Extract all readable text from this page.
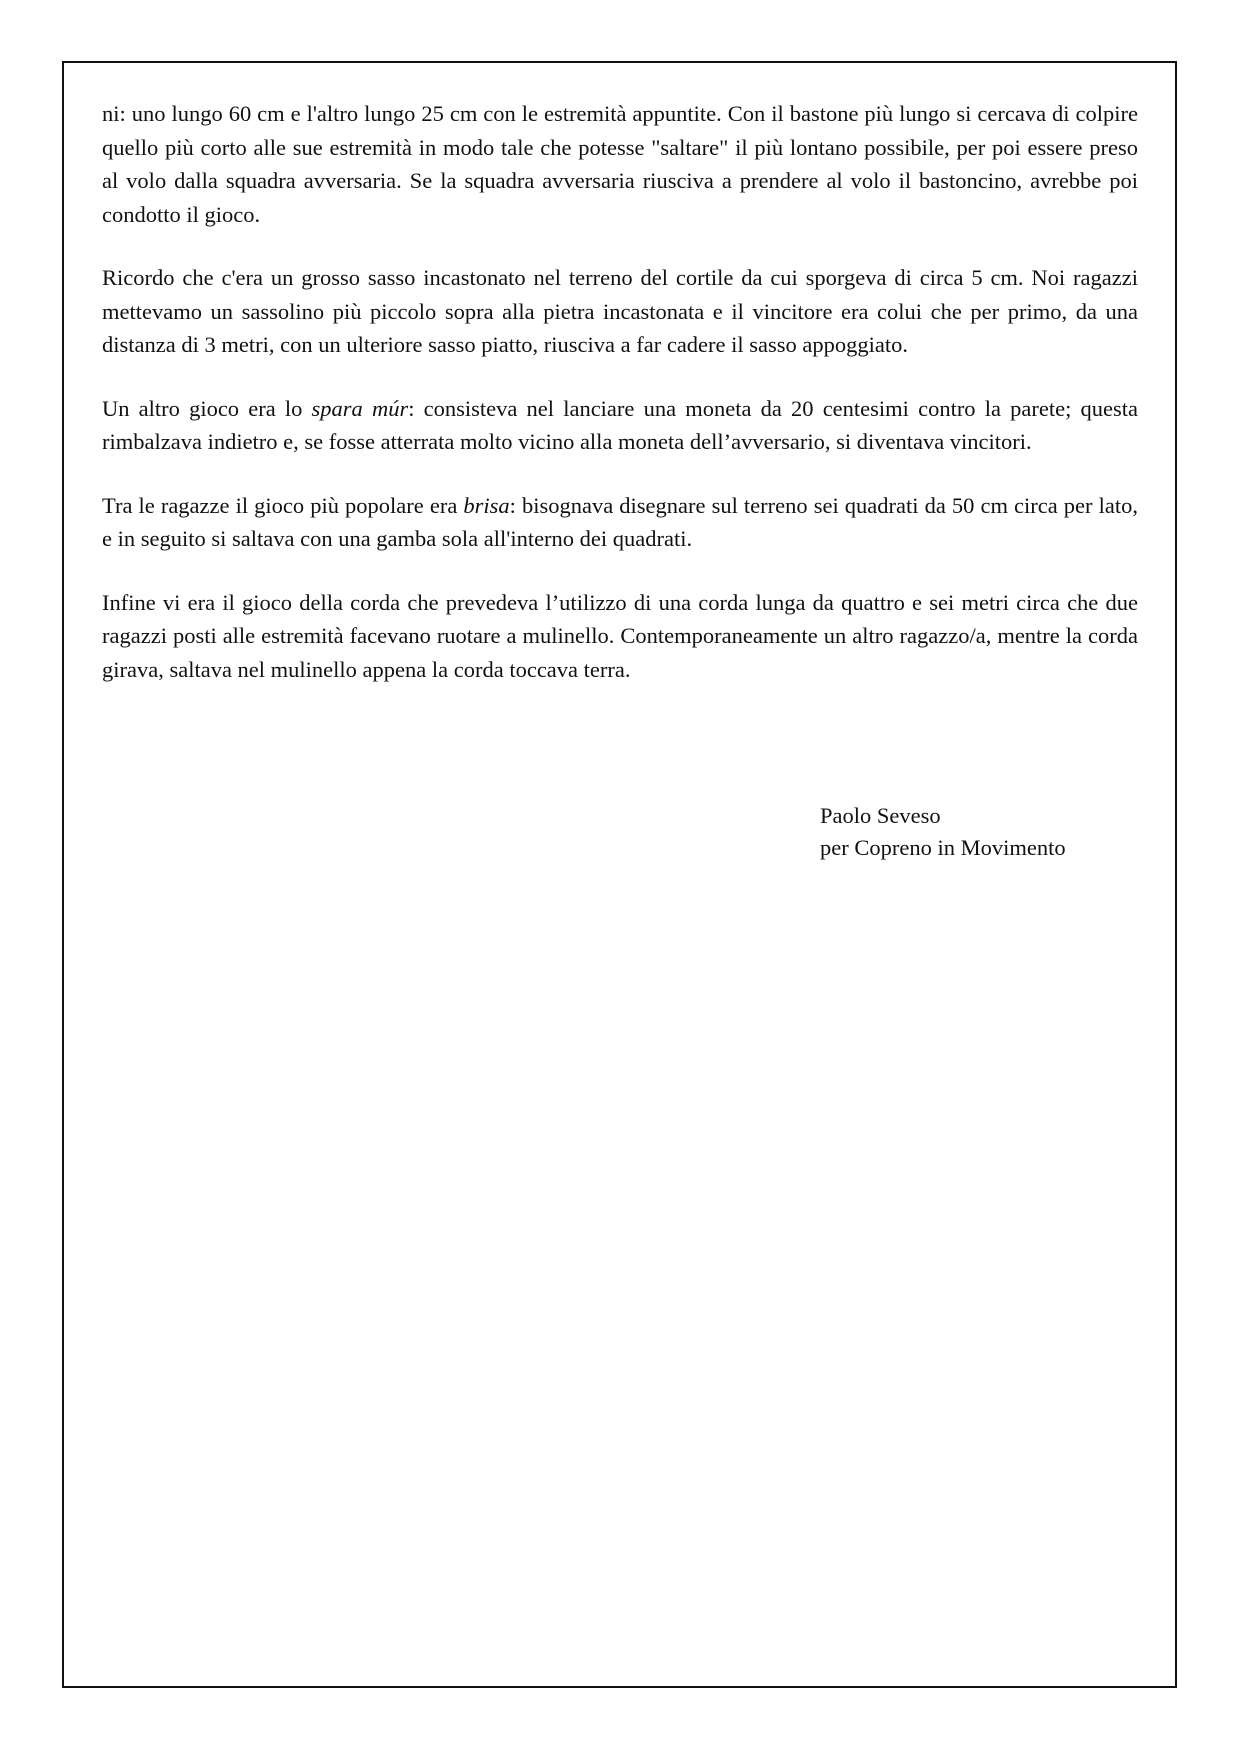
ni: uno lungo 60 cm e l'altro lungo 25 cm con le estremità appuntite. Con il bastone più lungo si cercava di colpire quello più corto alle sue estremità in modo tale che potesse "saltare" il più lontano possibile, per poi essere preso al volo dalla squadra avversaria. Se la squadra avversaria riusciva a prendere al volo il bastoncino, avrebbe poi condotto il gioco.

Ricordo che c'era un grosso sasso incastonato nel terreno del cortile da cui sporgeva di circa 5 cm. Noi ragazzi mettevamo un sassolino più piccolo sopra alla pietra incastonata e il vincitore era colui che per primo, da una distanza di 3 metri, con un ulteriore sasso piatto, riusciva a far cadere il sasso appoggiato.

Un altro gioco era lo spara múr: consisteva nel lanciare una moneta da 20 centesimi contro la parete; questa rimbalzava indietro e, se fosse atterrata molto vicino alla moneta dell’avversario, si diventava vincitori.

Tra le ragazze il gioco più popolare era brisa: bisognava disegnare sul terreno sei quadrati da 50 cm circa per lato, e in seguito si saltava con una gamba sola all'interno dei quadrati.

Infine vi era il gioco della corda che prevedeva l’utilizzo di una corda lunga da quattro e sei metri circa che due ragazzi posti alle estremità facevano ruotare a mulinello. Contemporaneamente un altro ragazzo/a, mentre la corda girava, saltava nel mulinello appena la corda toccava terra.

Paolo Seveso
per Copreno in Movimento
